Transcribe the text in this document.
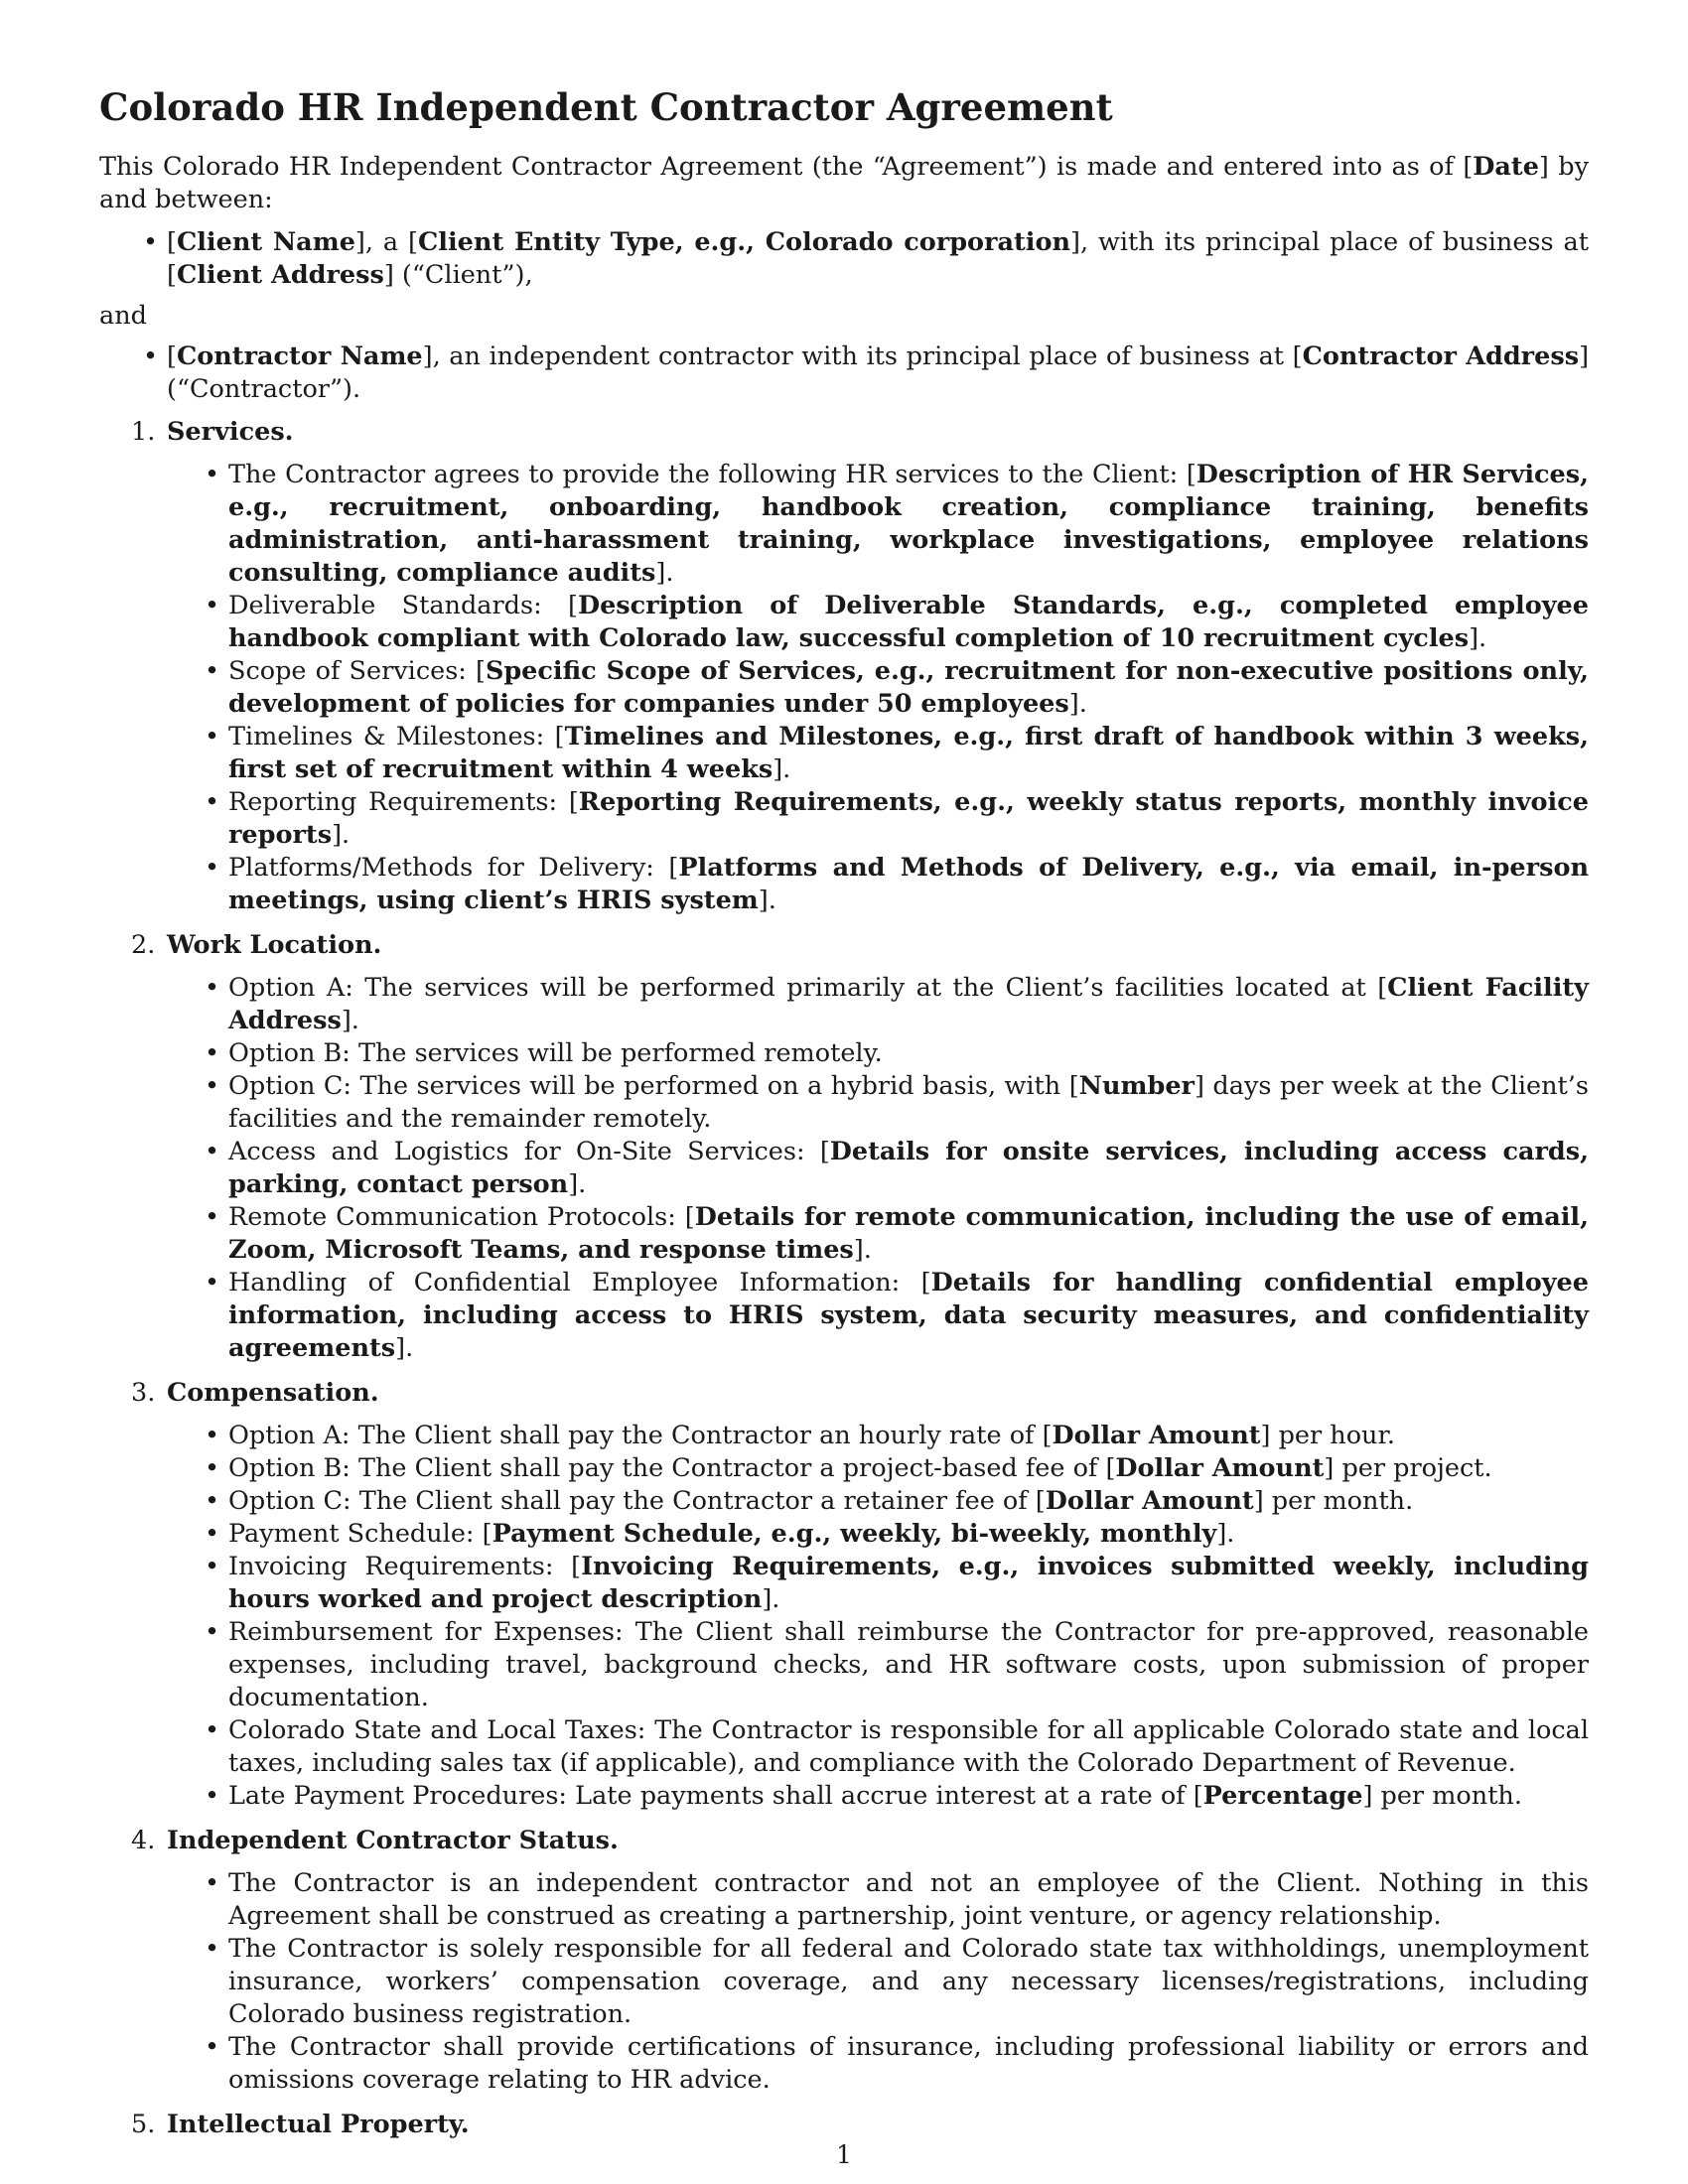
Colorado HR Independent Contractor Agreement

This Colorado HR Independent Contractor Agreement (the “Agreement”) is made and entered into as of [Date] by and between:

• [Client Name], a [Client Entity Type, e.g., Colorado corporation], with its principal place of business at [Client Address] (“Client”),

and

• [Contractor Name], an independent contractor with its principal place of business at [Contractor Address] (“Contractor”).
1. Services.
• The Contractor agrees to provide the following HR services to the Client: [Description of HR Services, e.g., recruitment, onboarding, handbook creation, compliance training, benefits administration, anti-harassment training, workplace investigations, employee relations consulting, compliance audits].
• Deliverable Standards: [Description of Deliverable Standards, e.g., completed employee handbook compliant with Colorado law, successful completion of 10 recruitment cycles].
• Scope of Services: [Specific Scope of Services, e.g., recruitment for non-executive positions only, development of policies for companies under 50 employees].
• Timelines & Milestones: [Timelines and Milestones, e.g., first draft of handbook within 3 weeks, first set of recruitment within 4 weeks].
• Reporting Requirements: [Reporting Requirements, e.g., weekly status reports, monthly invoice reports].
• Platforms/Methods for Delivery: [Platforms and Methods of Delivery, e.g., via email, in-person meetings, using client’s HRIS system].
2. Work Location.
• Option A: The services will be performed primarily at the Client’s facilities located at [Client Facility Address].
• Option B: The services will be performed remotely.
• Option C: The services will be performed on a hybrid basis, with [Number] days per week at the Client’s facilities and the remainder remotely.
• Access and Logistics for On-Site Services: [Details for onsite services, including access cards, parking, contact person].
• Remote Communication Protocols: [Details for remote communication, including the use of email, Zoom, Microsoft Teams, and response times].
• Handling of Confidential Employee Information: [Details for handling confidential employee information, including access to HRIS system, data security measures, and confidentiality agreements].
3. Compensation.
• Option A: The Client shall pay the Contractor an hourly rate of [Dollar Amount] per hour.
• Option B: The Client shall pay the Contractor a project-based fee of [Dollar Amount] per project.
• Option C: The Client shall pay the Contractor a retainer fee of [Dollar Amount] per month.
• Payment Schedule: [Payment Schedule, e.g., weekly, bi-weekly, monthly].
• Invoicing Requirements: [Invoicing Requirements, e.g., invoices submitted weekly, including hours worked and project description].
• Reimbursement for Expenses: The Client shall reimburse the Contractor for pre-approved, reasonable expenses, including travel, background checks, and HR software costs, upon submission of proper documentation.
• Colorado State and Local Taxes: The Contractor is responsible for all applicable Colorado state and local taxes, including sales tax (if applicable), and compliance with the Colorado Department of Revenue.
• Late Payment Procedures: Late payments shall accrue interest at a rate of [Percentage] per month.
4. Independent Contractor Status.
• The Contractor is an independent contractor and not an employee of the Client. Nothing in this Agreement shall be construed as creating a partnership, joint venture, or agency relationship.
• The Contractor is solely responsible for all federal and Colorado state tax withholdings, unemployment insurance, workers’ compensation coverage, and any necessary licenses/registrations, including Colorado business registration.
• The Contractor shall provide certifications of insurance, including professional liability or errors and omissions coverage relating to HR advice.
5. Intellectual Property.
1
